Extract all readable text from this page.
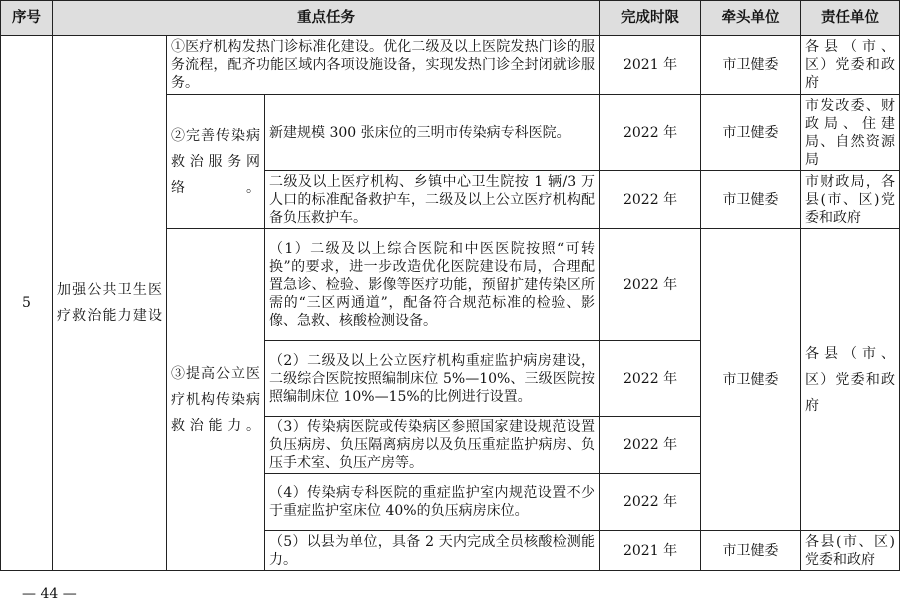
序号	重点任务			完成时限	牵头单位	责任单位
5	加强公共卫生医疗救治能力建设	①医疗机构发热门诊标准化建设。优化二级及以上医院发热门诊的服务流程，配齐功能区域内各项设施设备，实现发热门诊全封闭就诊服务。		2021 年	市卫健委	各县（市、区）党委和政府

		②完善传染病救治服务网络。	新建规模 300 张床位的三明市传染病专科医院。	2022 年	市卫健委	市发改委、财政局、住建局、自然资源局
			二级及以上医疗机构、乡镇中心卫生院按 1 辆/3 万人口的标准配备救护车，二级及以上公立医疗机构配备负压救护车。	2022 年	市卫健委	市财政局，各县(市、区)党委和政府

		③提高公立医疗机构传染病救治能力。	（1）二级及以上综合医院和中医医院按照“可转换”的要求，进一步改造优化医院建设布局，合理配置急诊、检验、影像等医疗功能，预留扩建传染区所需的“三区两通道”，配备符合规范标准的检验、影像、急救、核酸检测设备。	2022 年	市卫健委	各县（市、区）党委和政府

			（2）二级及以上公立医疗机构重症监护病房建设，二级综合医院按照编制床位 5%—10%、三级医院按照编制床位 10%—15%的比例进行设置。	2022 年		
			（3）传染病医院或传染病区参照国家建设规范设置负压病房、负压隔离病房以及负压重症监护病房、负压手术室、负压产房等。	2022 年		
			（4）传染病专科医院的重症监护室内规范设置不少于重症监护室床位 40%的负压病房床位。	2022 年		
			（5）以县为单位，具备 2 天内完成全员核酸检测能力。	2021 年	市卫健委	各县(市、区)党委和政府
— 44 —
